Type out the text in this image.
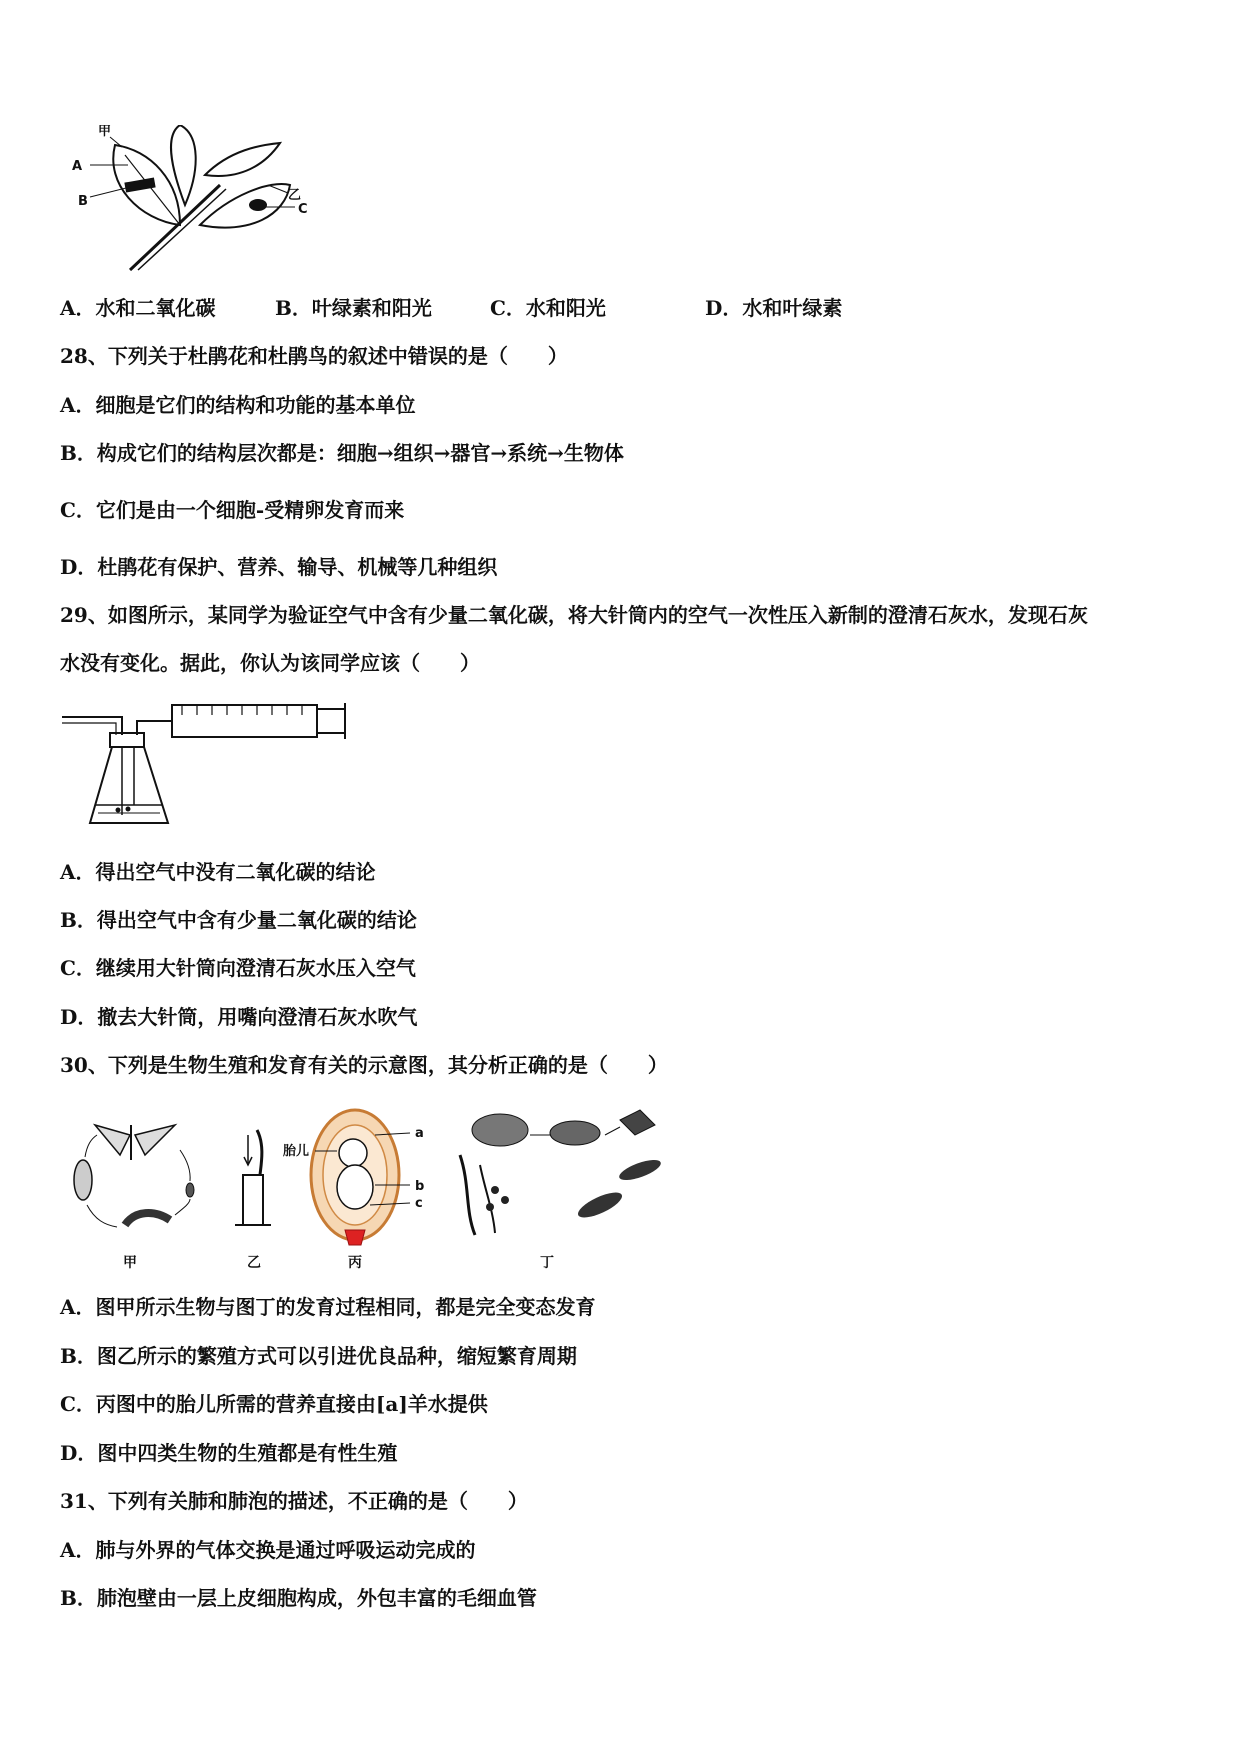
甲
A
B	乙
C
A．水和二氧化碳	B．叶绿素和阳光	C．水和阳光	D．水和叶绿素
28、下列关于杜鹃花和杜鹃鸟的叙述中错误的是（　　）
A．细胞是它们的结构和功能的基本单位
B．构成它们的结构层次都是：细胞→组织→器官→系统→生物体
C．它们是由一个细胞-受精卵发育而来
D．杜鹃花有保护、营养、输导、机械等几种组织
29、如图所示，某同学为验证空气中含有少量二氧化碳，将大针筒内的空气一次性压入新制的澄清石灰水，发现石灰
水没有变化。据此，你认为该同学应该（　　）
A．得出空气中没有二氧化碳的结论
B．得出空气中含有少量二氧化碳的结论
C．继续用大针筒向澄清石灰水压入空气
D．撤去大针筒，用嘴向澄清石灰水吹气
30、下列是生物生殖和发育有关的示意图，其分析正确的是（　　）
胎儿
a
b
c
甲	乙	丙	丁
A．图甲所示生物与图丁的发育过程相同，都是完全变态发育
B．图乙所示的繁殖方式可以引进优良品种，缩短繁育周期
C．丙图中的胎儿所需的营养直接由[a]羊水提供
D．图中四类生物的生殖都是有性生殖
31、下列有关肺和肺泡的描述，不正确的是（　　）
A．肺与外界的气体交换是通过呼吸运动完成的
B．肺泡壁由一层上皮细胞构成，外包丰富的毛细血管
